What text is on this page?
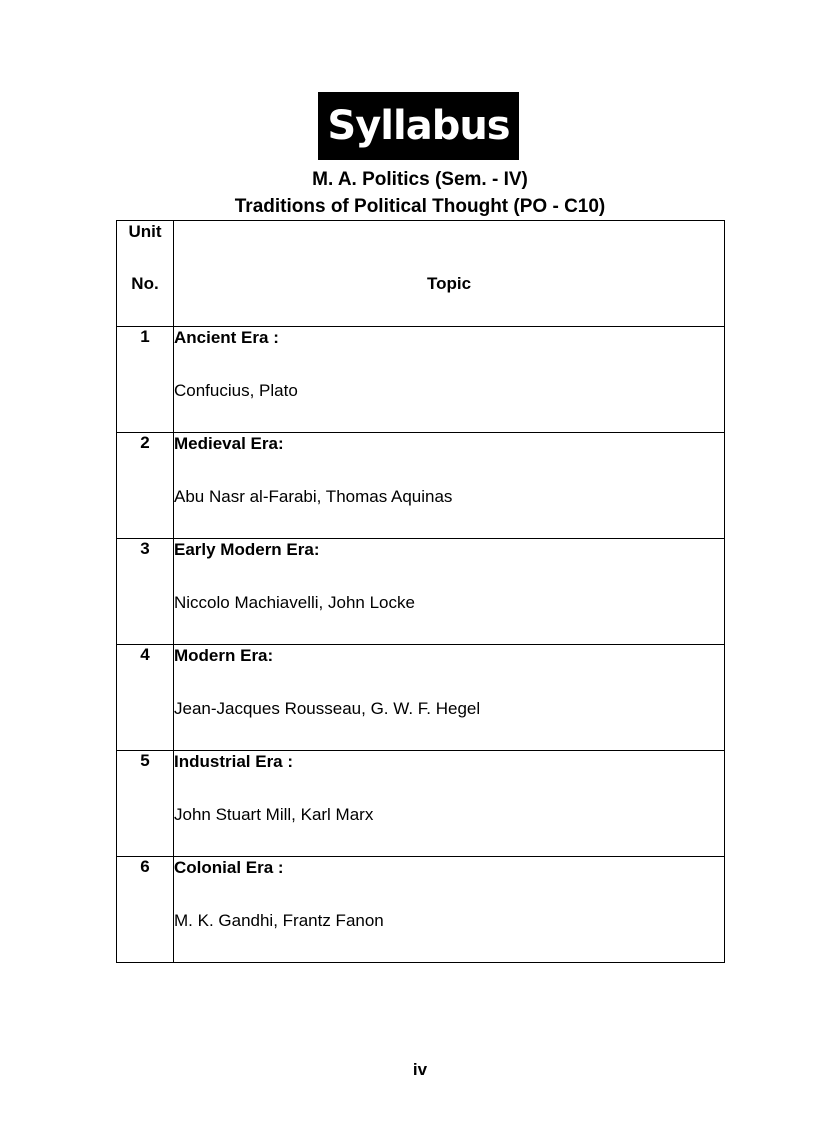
Syllabus
M. A. Politics (Sem. - IV)
Traditions of Political Thought (PO - C10)
Unit
No.	Topic

1	Ancient Era :
Confucius, Plato

2	Medieval Era:
Abu Nasr al-Farabi, Thomas Aquinas

3	Early Modern Era:
Niccolo Machiavelli, John Locke

4	Modern Era:
Jean-Jacques Rousseau, G. W. F. Hegel

5	Industrial Era :
John Stuart Mill, Karl Marx

6	Colonial Era :
M. K. Gandhi, Frantz Fanon
iv
